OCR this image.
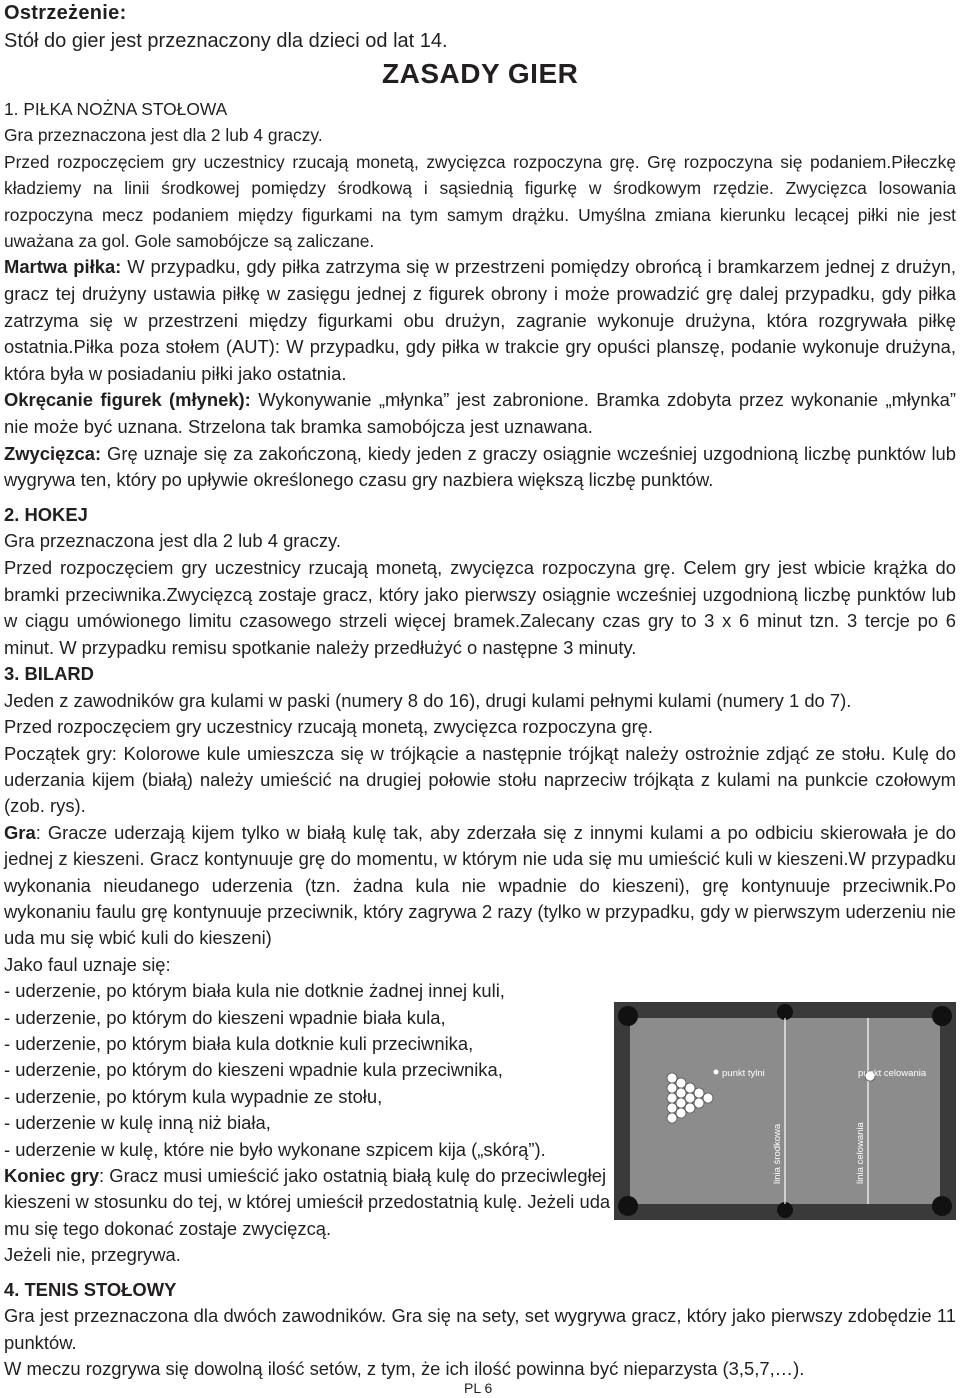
Ostrzeżenie:
Stół do gier jest przeznaczony dla dzieci od lat 14.
ZASADY GIER

1. PIŁKA NOŻNA STOŁOWA

Gra przeznaczona jest dla 2 lub 4 graczy.

Przed rozpoczęciem gry uczestnicy rzucają monetą, zwycięzca rozpoczyna grę. Grę rozpoczyna się podaniem.Piłeczkę kładziemy na linii środkowej pomiędzy środkową i sąsiednią figurkę w środkowym rzędzie. Zwycięzca losowania rozpoczyna mecz podaniem między figurkami na tym samym drążku. Umyślna zmiana kierunku lecącej piłki nie jest uważana za gol. Gole samobójcze są zaliczane.

Martwa piłka: W przypadku, gdy piłka zatrzyma się w przestrzeni pomiędzy obrońcą i bramkarzem jednej z drużyn, gracz tej drużyny ustawia piłkę w zasięgu jednej z figurek obrony i może prowadzić grę dalej przypadku, gdy piłka zatrzyma się w przestrzeni między figurkami obu drużyn, zagranie wykonuje drużyna, która rozgrywała piłkę ostatnia.Piłka poza stołem (AUT): W przypadku, gdy piłka w trakcie gry opuści planszę, podanie wykonuje drużyna, która była w posiadaniu piłki jako ostatnia.

Okręcanie figurek (młynek): Wykonywanie „młynka” jest zabronione. Bramka zdobyta przez wykonanie „młynka” nie może być uznana. Strzelona tak bramka samobójcza jest uznawana.

Zwycięzca: Grę uznaje się za zakończoną, kiedy jeden z graczy osiągnie wcześniej uzgodnioną liczbę punktów lub wygrywa ten, który po upływie określonego czasu gry nazbiera większą liczbę punktów.

2. HOKEJ

Gra przeznaczona jest dla 2 lub 4 graczy.

Przed rozpoczęciem gry uczestnicy rzucają monetą, zwycięzca rozpoczyna grę. Celem gry jest wbicie krążka do bramki przeciwnika.Zwycięzcą zostaje gracz, który jako pierwszy osiągnie wcześniej uzgodnioną liczbę punktów lub w ciągu umówionego limitu czasowego strzeli więcej bramek.Zalecany czas gry to 3 x 6 minut tzn. 3 tercje po 6 minut. W przypadku remisu spotkanie należy przedłużyć o następne 3 minuty.

3. BILARD

Jeden z zawodników gra kulami w paski (numery 8 do 16), drugi kulami pełnymi kulami (numery 1 do 7).

Przed rozpoczęciem gry uczestnicy rzucają monetą, zwycięzca rozpoczyna grę.

Początek gry: Kolorowe kule umieszcza się w trójkącie a następnie trójkąt należy ostrożnie zdjąć ze stołu. Kulę do uderzania kijem (białą) należy umieścić na drugiej połowie stołu naprzeciw trójkąta z kulami na punkcie czołowym (zob. rys).

Gra: Gracze uderzają kijem tylko w białą kulę tak, aby zderzała się z innymi kulami a po odbiciu skierowała je do jednej z kieszeni. Gracz kontynuuje grę do momentu, w którym nie uda się mu umieścić kuli w kieszeni.W przypadku wykonania nieudanego uderzenia (tzn. żadna kula nie wpadnie do kieszeni), grę kontynuuje przeciwnik.Po wykonaniu faulu grę kontynuuje przeciwnik, który zagrywa 2 razy (tylko w przypadku, gdy w pierwszym uderzeniu nie uda mu się wbić kuli do kieszeni)

Jako faul uznaje się:

- uderzenie, po którym biała kula nie dotknie żadnej innej kuli,

- uderzenie, po którym do kieszeni wpadnie biała kula,

- uderzenie, po którym biała kula dotknie kuli przeciwnika,

- uderzenie, po którym do kieszeni wpadnie kula przeciwnika,

- uderzenie, po którym kula wypadnie ze stołu,

- uderzenie w kulę inną niż biała,

- uderzenie w kulę, które nie było wykonane szpicem kija („skórą”).

Koniec gry: Gracz musi umieścić jako ostatnią białą kulę do przeciwległej kieszeni w stosunku do tej, w której umieścił przedostatnią kulę. Jeżeli uda mu się tego dokonać zostaje zwycięzcą.

Jeżeli nie, przegrywa.

4. TENIS STOŁOWY

Gra jest przeznaczona dla dwóch zawodników. Gra się na sety, set wygrywa gracz, który jako pierwszy zdobędzie 11 punktów.

W meczu rozgrywa się dowolną ilość setów, z tym, że ich ilość powinna być nieparzysta (3,5,7,…).

PL 6
punkt tylni	punkt celowania
linia środkowa	linia celowania
